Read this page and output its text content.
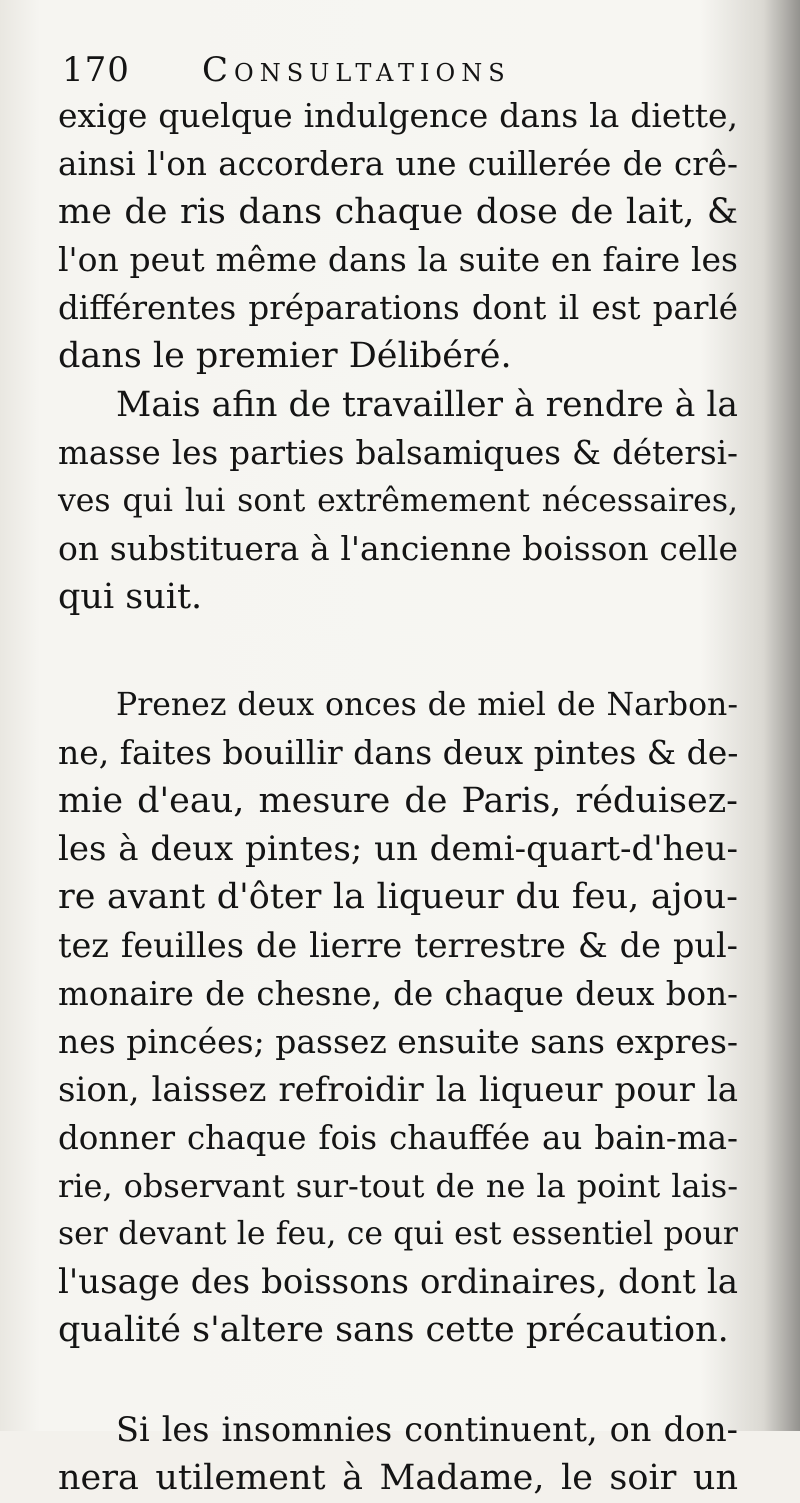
170 Consultations
exige quelque indulgence dans la diette,
ainsi l'on accordera une cuillerée de crê-
me de ris dans chaque dose de lait, &
l'on peut même dans la suite en faire les
différentes préparations dont il est parlé
dans le premier Délibéré.
Mais afin de travailler à rendre à la
masse les parties balsamiques & détersi-
ves qui lui sont extrêmement nécessaires,
on substituera à l'ancienne boisson celle
qui suit.
Prenez deux onces de miel de Narbon-
ne, faites bouillir dans deux pintes & de-
mie d'eau, mesure de Paris, réduisez-
les à deux pintes; un demi-quart-d'heu-
re avant d'ôter la liqueur du feu, ajou-
tez feuilles de lierre terrestre & de pul-
monaire de chesne, de chaque deux bon-
nes pincées; passez ensuite sans expres-
sion, laissez refroidir la liqueur pour la
donner chaque fois chauffée au bain-ma-
rie, observant sur-tout de ne la point lais-
ser devant le feu, ce qui est essentiel pour
l'usage des boissons ordinaires, dont la
qualité s'altere sans cette précaution.
Si les insomnies continuent, on don-
nera utilement à Madame, le soir un
